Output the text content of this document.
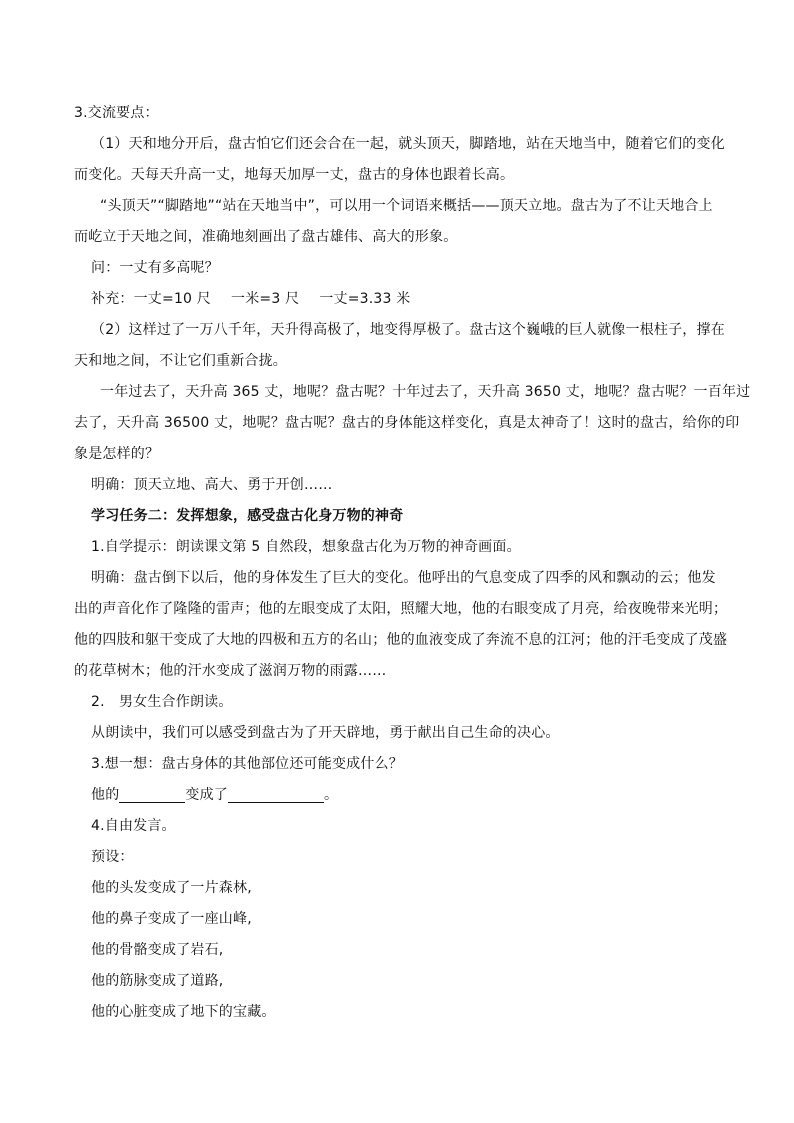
3.交流要点：

（1）天和地分开后，盘古怕它们还会合在一起，就头顶天，脚踏地，站在天地当中，随着它们的变化

而变化。天每天升高一丈，地每天加厚一丈，盘古的身体也跟着长高。

“头顶天”“脚踏地”“站在天地当中”，可以用一个词语来概括——顶天立地。盘古为了不让天地合上

而屹立于天地之间，准确地刻画出了盘古雄伟、高大的形象。

问：一丈有多高呢？

补充：一丈=10 尺 一米=3 尺 一丈=3.33 米

（2）这样过了一万八千年，天升得高极了，地变得厚极了。盘古这个巍峨的巨人就像一根柱子，撑在

天和地之间，不让它们重新合拢。

一年过去了，天升高 365 丈，地呢？盘古呢？十年过去了，天升高 3650 丈，地呢？盘古呢？一百年过

去了，天升高 36500 丈，地呢？盘古呢？盘古的身体能这样变化，真是太神奇了！这时的盘古，给你的印

象是怎样的？

明确：顶天立地、高大、勇于开创……

学习任务二：发挥想象，感受盘古化身万物的神奇

1.自学提示：朗读课文第 5 自然段，想象盘古化为万物的神奇画面。

明确：盘古倒下以后，他的身体发生了巨大的变化。他呼出的气息变成了四季的风和飘动的云；他发

出的声音化作了隆隆的雷声；他的左眼变成了太阳，照耀大地，他的右眼变成了月亮，给夜晚带来光明；

他的四肢和躯干变成了大地的四极和五方的名山；他的血液变成了奔流不息的江河；他的汗毛变成了茂盛

的花草树木；他的汗水变成了滋润万物的雨露……

2.　男女生合作朗读。

从朗读中，我们可以感受到盘古为了开天辟地，勇于献出自己生命的决心。

3.想一想：盘古身体的其他部位还可能变成什么？

他的	变成了	。

4.自由发言。

预设：

他的头发变成了一片森林,

他的鼻子变成了一座山峰,

他的骨骼变成了岩石,

他的筋脉变成了道路,

他的心脏变成了地下的宝藏。
